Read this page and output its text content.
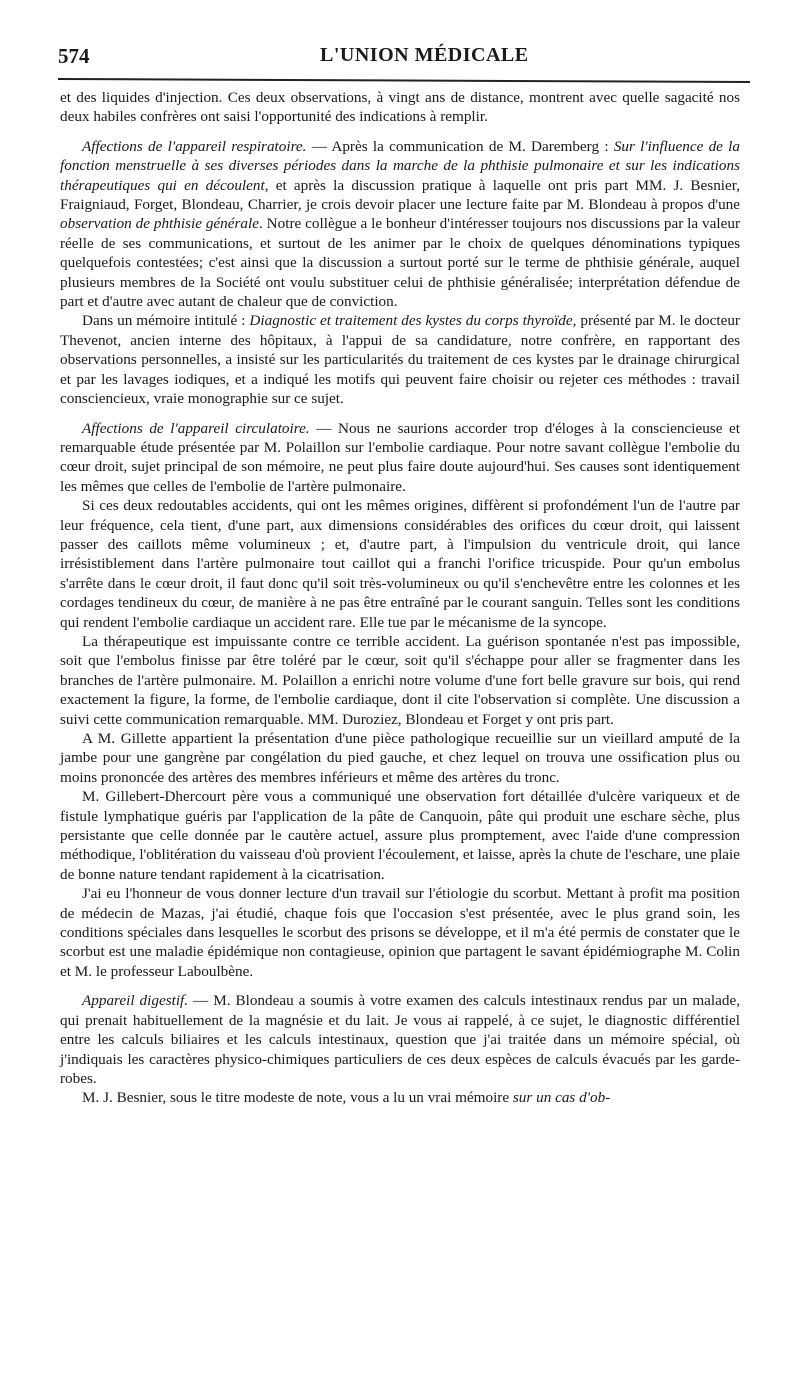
574	L'UNION MÉDICALE

et des liquides d'injection. Ces deux observations, à vingt ans de distance, montrent avec quelle sagacité nos deux habiles confrères ont saisi l'opportunité des indications à remplir.

Affections de l'appareil respiratoire. — Après la communication de M. Daremberg : Sur l'influence de la fonction menstruelle à ses diverses périodes dans la marche de la phthisie pulmonaire et sur les indications thérapeutiques qui en découlent, et après la discussion pratique à laquelle ont pris part MM. J. Besnier, Fraigniaud, Forget, Blondeau, Charrier, je crois devoir placer une lecture faite par M. Blondeau à propos d'une observation de phthisie générale. Notre collègue a le bonheur d'intéresser toujours nos discussions par la valeur réelle de ses communications, et surtout de les animer par le choix de quelques dénominations typiques quelquefois contestées; c'est ainsi que la discussion a surtout porté sur le terme de phthisie générale, auquel plusieurs membres de la Société ont voulu substituer celui de phthisie généralisée; interprétation défendue de part et d'autre avec autant de chaleur que de conviction.

Dans un mémoire intitulé : Diagnostic et traitement des kystes du corps thyroïde, présenté par M. le docteur Thevenot, ancien interne des hôpitaux, à l'appui de sa candidature, notre confrère, en rapportant des observations personnelles, a insisté sur les particularités du traitement de ces kystes par le drainage chirurgical et par les lavages iodiques, et a indiqué les motifs qui peuvent faire choisir ou rejeter ces méthodes : travail consciencieux, vraie monographie sur ce sujet.

Affections de l'appareil circulatoire. — Nous ne saurions accorder trop d'éloges à la consciencieuse et remarquable étude présentée par M. Polaillon sur l'embolie cardiaque. Pour notre savant collègue l'embolie du cœur droit, sujet principal de son mémoire, ne peut plus faire doute aujourd'hui. Ses causes sont identiquement les mêmes que celles de l'embolie de l'artère pulmonaire.

Si ces deux redoutables accidents, qui ont les mêmes origines, diffèrent si profondément l'un de l'autre par leur fréquence, cela tient, d'une part, aux dimensions considérables des orifices du cœur droit, qui laissent passer des caillots même volumineux ; et, d'autre part, à l'impulsion du ventricule droit, qui lance irrésistiblement dans l'artère pulmonaire tout caillot qui a franchi l'orifice tricuspide. Pour qu'un embolus s'arrête dans le cœur droit, il faut donc qu'il soit très-volumineux ou qu'il s'enchevêtre entre les colonnes et les cordages tendineux du cœur, de manière à ne pas être entraîné par le courant sanguin. Telles sont les conditions qui rendent l'embolie cardiaque un accident rare. Elle tue par le mécanisme de la syncope.

La thérapeutique est impuissante contre ce terrible accident. La guérison spontanée n'est pas impossible, soit que l'embolus finisse par être toléré par le cœur, soit qu'il s'échappe pour aller se fragmenter dans les branches de l'artère pulmonaire. M. Polaillon a enrichi notre volume d'une fort belle gravure sur bois, qui rend exactement la figure, la forme, de l'embolie cardiaque, dont il cite l'observation si complète. Une discussion a suivi cette communication remarquable. MM. Duroziez, Blondeau et Forget y ont pris part.

A M. Gillette appartient la présentation d'une pièce pathologique recueillie sur un vieillard amputé de la jambe pour une gangrène par congélation du pied gauche, et chez lequel on trouva une ossification plus ou moins prononcée des artères des membres inférieurs et même des artères du tronc.

M. Gillebert-Dhercourt père vous a communiqué une observation fort détaillée d'ulcère variqueux et de fistule lymphatique guéris par l'application de la pâte de Canquoin, pâte qui produit une eschare sèche, plus persistante que celle donnée par le cautère actuel, assure plus promptement, avec l'aide d'une compression méthodique, l'oblitération du vaisseau d'où provient l'écoulement, et laisse, après la chute de l'eschare, une plaie de bonne nature tendant rapidement à la cicatrisation.

J'ai eu l'honneur de vous donner lecture d'un travail sur l'étiologie du scorbut. Mettant à profit ma position de médecin de Mazas, j'ai étudié, chaque fois que l'occasion s'est présentée, avec le plus grand soin, les conditions spéciales dans lesquelles le scorbut des prisons se développe, et il m'a été permis de constater que le scorbut est une maladie épidémique non contagieuse, opinion que partagent le savant épidémiographe M. Colin et M. le professeur Laboulbène.

Appareil digestif. — M. Blondeau a soumis à votre examen des calculs intestinaux rendus par un malade, qui prenait habituellement de la magnésie et du lait. Je vous ai rappelé, à ce sujet, le diagnostic différentiel entre les calculs biliaires et les calculs intestinaux, question que j'ai traitée dans un mémoire spécial, où j'indiquais les caractères physico-chimiques particuliers de ces deux espèces de calculs évacués par les garde-robes.

M. J. Besnier, sous le titre modeste de note, vous a lu un vrai mémoire sur un cas d'ob-
